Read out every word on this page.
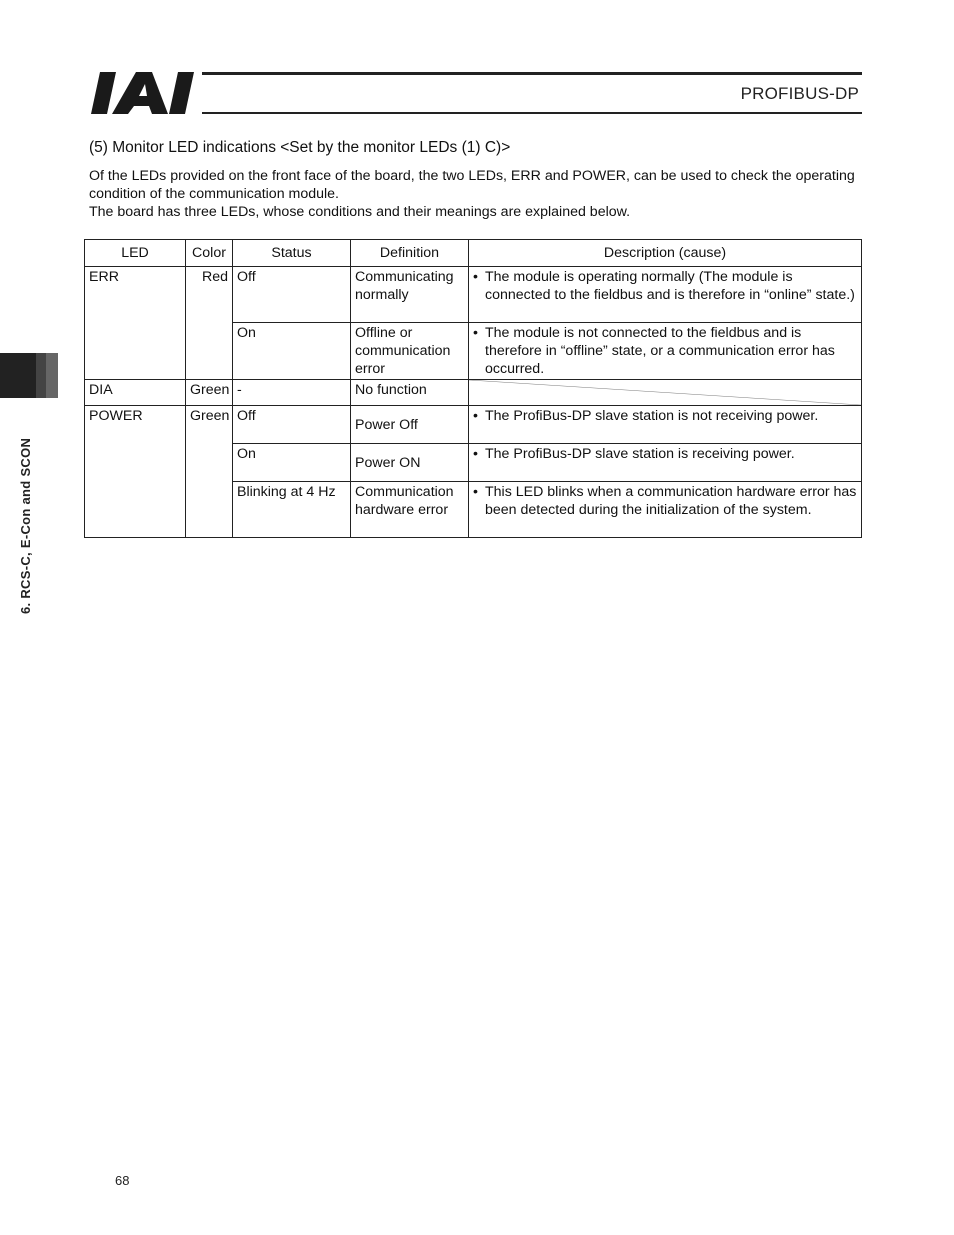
PROFIBUS-DP
6. RCS-C, E-Con and SCON
(5) Monitor LED indications <Set by the monitor LEDs (1) C)>

Of the LEDs provided on the front face of the board, the two LEDs, ERR and POWER, can be used to check the operating condition of the communication module.

The board has three LEDs, whose conditions and their meanings are explained below.

LED	Color	Status	Definition	Description (cause)
ERR	Red	Off	Communicating normally	• The module is operating normally (The module is connected to the fieldbus and is therefore in “online” state.)

		On	Offline or communication error	• The module is not connected to the fieldbus and is therefore in “offline” state, or a communication error has occurred.

DIA	Green	-	No function	

POWER	Green	Off	Power Off	• The ProfiBus-DP slave station is not receiving power.

		On	Power ON	• The ProfiBus-DP slave station is receiving power.

		Blinking at 4 Hz	Communication hardware error	• This LED blinks when a communication hardware error has been detected during the initialization of the system.
68
